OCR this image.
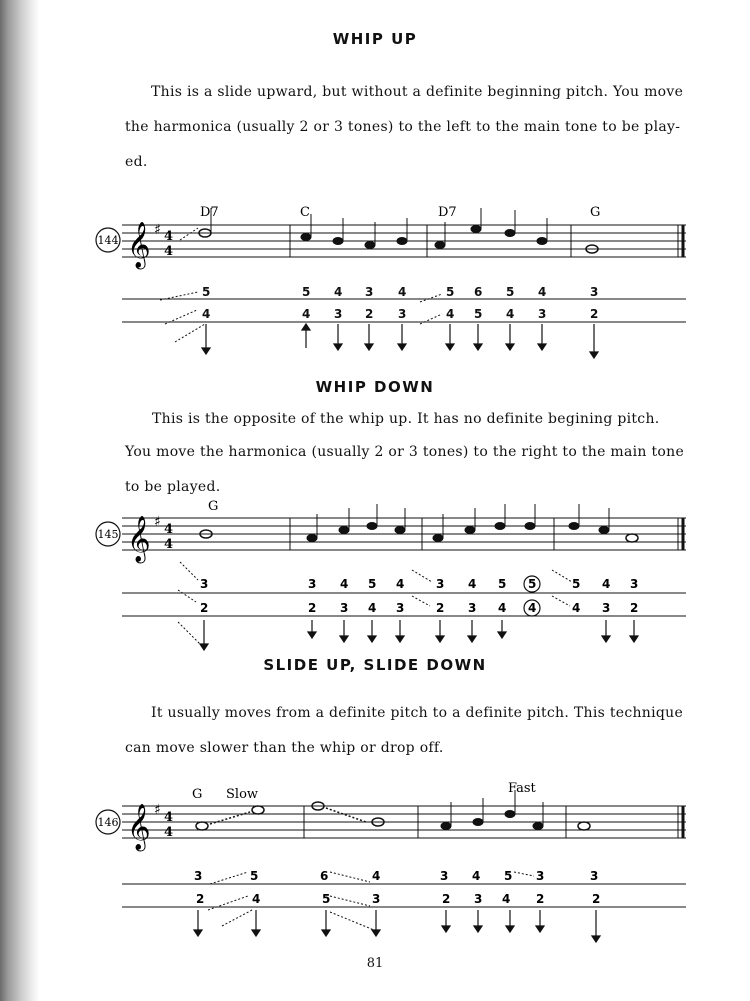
WHIP UP
This is a slide upward, but without a definite beginning pitch. You move
the harmonica (usually 2 or 3 tones) to the left to the main tone to be play-
ed.
144 𝄞 ♯ 4
4
D7	C	D7	G
5	5 4 3 4	5 6 5 4	3
4	4 3 2 3	4 5 4 3	2
WHIP DOWN
This is the opposite of the whip up. It has no definite begining pitch.
You move the harmonica (usually 2 or 3 tones) to the right to the main tone
to be played.
145 𝄞 ♯ 4
4
G
3	3 4 5 4	3 4 5 5	5 4 3
2	2 3 4 3	2 3 4 4	4 3 2
SLIDE UP, SLIDE DOWN
It usually moves from a definite pitch to a definite pitch. This technique
can move slower than the whip or drop off.
146 𝄞 ♯ 4
4
G Slow	Fast
3	5	6	4	3 4 5 3	3
2	4	5	3	2 3 4 2	2
81
